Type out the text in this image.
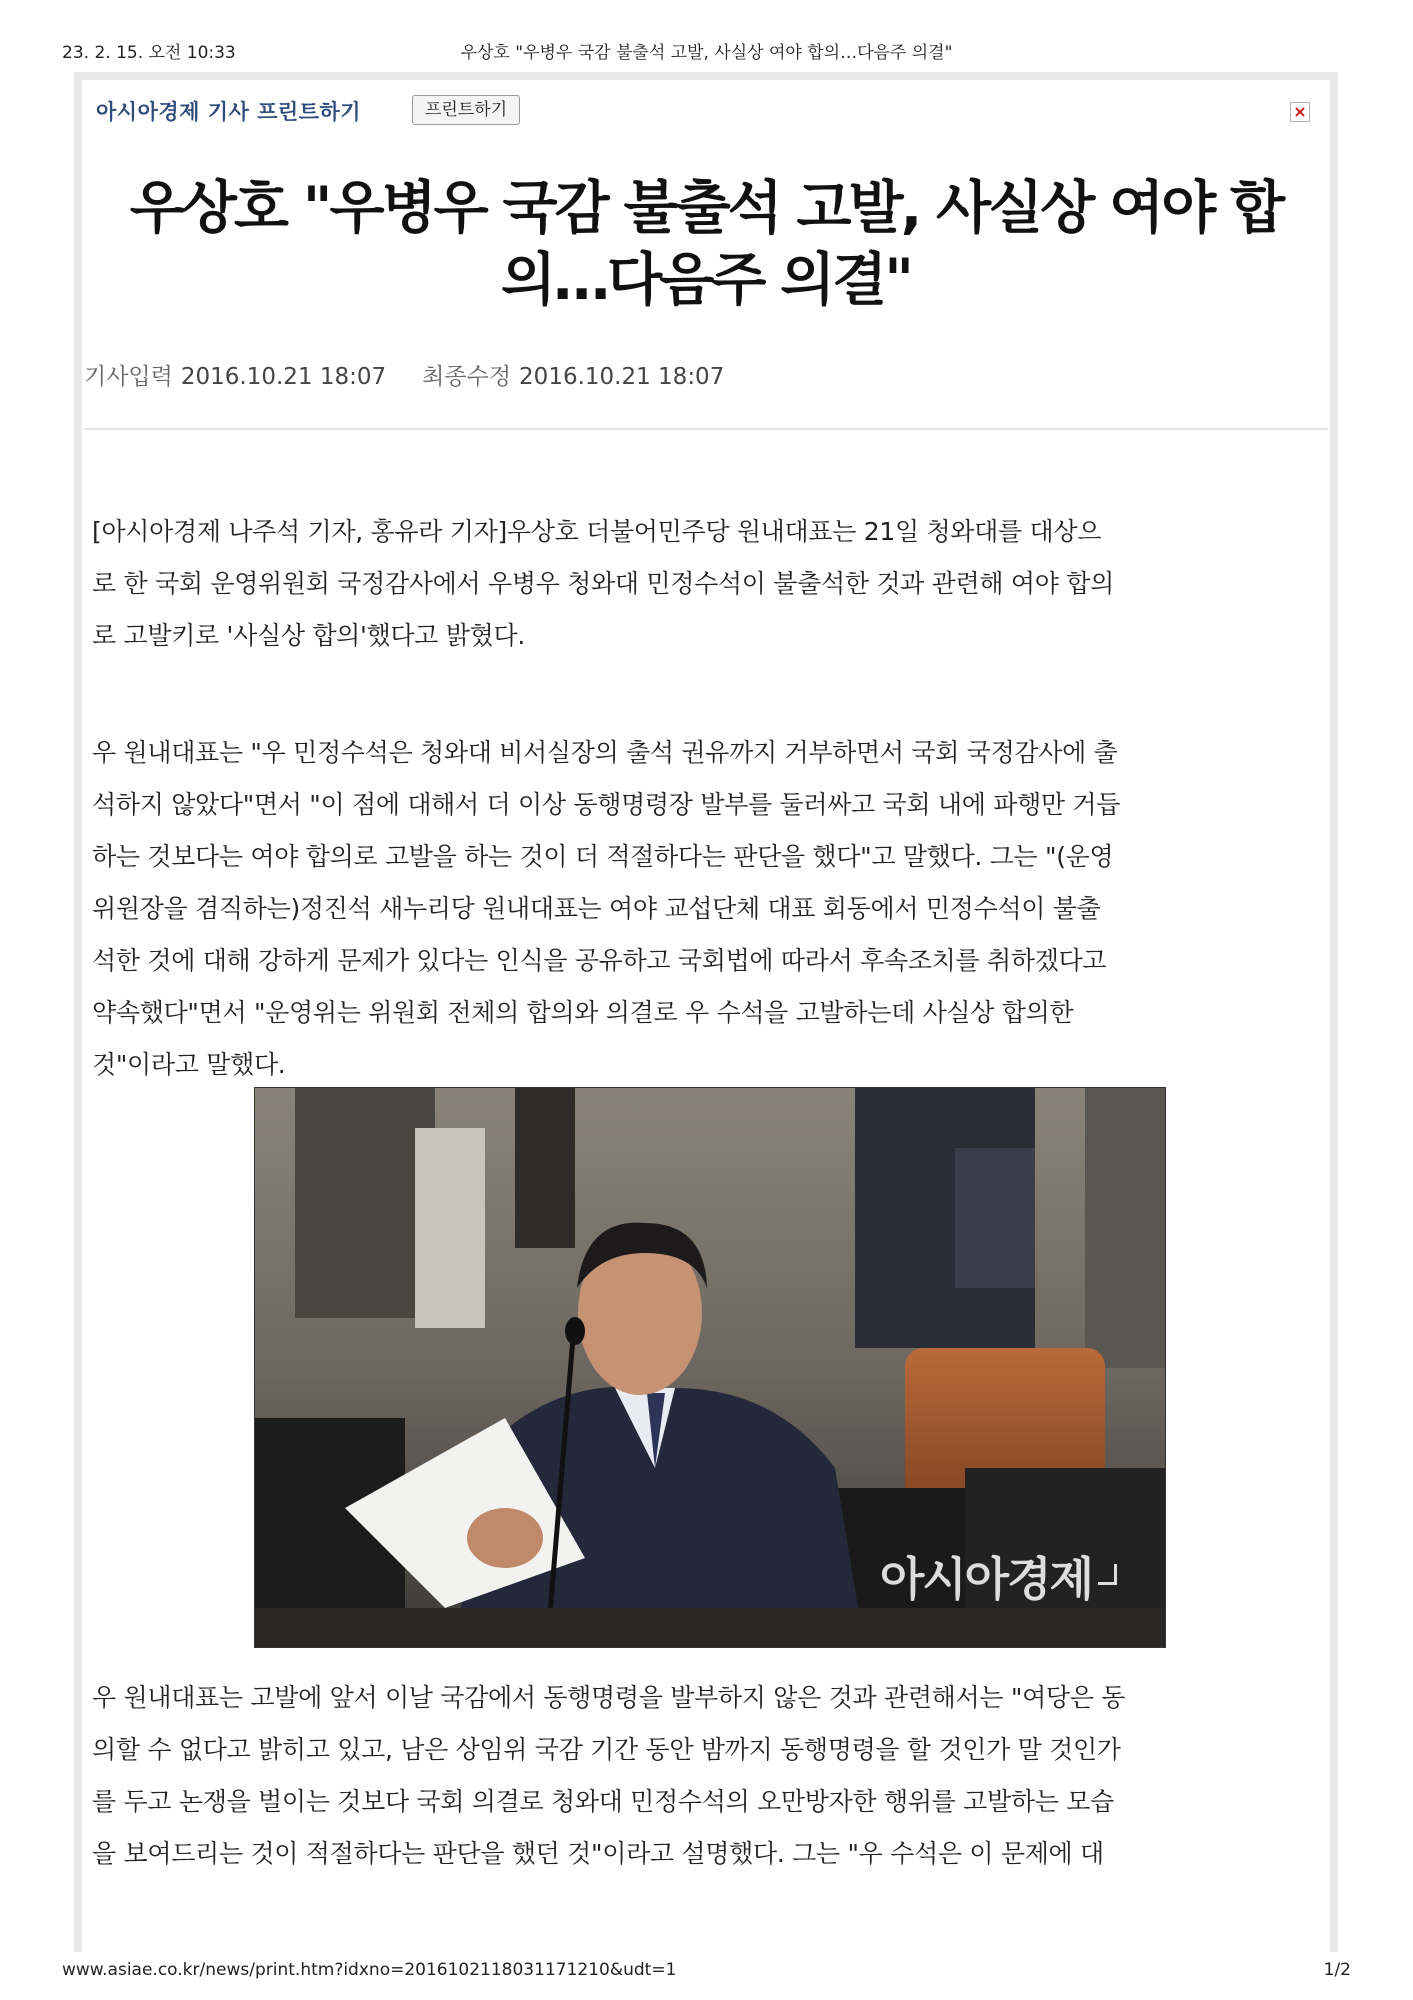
23. 2. 15. 오전 10:33	우상호 "우병우 국감 불출석 고발, 사실상 여야 합의…다음주 의결"
아시아경제 기사 프린트하기	프린트하기	×
우상호 "우병우 국감 불출석 고발, 사실상 여야 합
의…다음주 의결"
기사입력 2016.10.21 18:07 최종수정 2016.10.21 18:07
[아시아경제 나주석 기자, 홍유라 기자]우상호 더불어민주당 원내대표는 21일 청와대를 대상으
로 한 국회 운영위원회 국정감사에서 우병우 청와대 민정수석이 불출석한 것과 관련해 여야 합의
로 고발키로 '사실상 합의'했다고 밝혔다.
우 원내대표는 "우 민정수석은 청와대 비서실장의 출석 권유까지 거부하면서 국회 국정감사에 출
석하지 않았다"면서 "이 점에 대해서 더 이상 동행명령장 발부를 둘러싸고 국회 내에 파행만 거듭
하는 것보다는 여야 합의로 고발을 하는 것이 더 적절하다는 판단을 했다"고 말했다. 그는 "(운영
위원장을 겸직하는)정진석 새누리당 원내대표는 여야 교섭단체 대표 회동에서 민정수석이 불출
석한 것에 대해 강하게 문제가 있다는 인식을 공유하고 국회법에 따라서 후속조치를 취하겠다고
약속했다"면서 "운영위는 위원회 전체의 합의와 의결로 우 수석을 고발하는데 사실상 합의한
것"이라고 말했다.
아시아경제
우 원내대표는 고발에 앞서 이날 국감에서 동행명령을 발부하지 않은 것과 관련해서는 "여당은 동
의할 수 없다고 밝히고 있고, 남은 상임위 국감 기간 동안 밤까지 동행명령을 할 것인가 말 것인가
를 두고 논쟁을 벌이는 것보다 국회 의결로 청와대 민정수석의 오만방자한 행위를 고발하는 모습
을 보여드리는 것이 적절하다는 판단을 했던 것"이라고 설명했다. 그는 "우 수석은 이 문제에 대
www.asiae.co.kr/news/print.htm?idxno=2016102118031171210&udt=1	1/2
